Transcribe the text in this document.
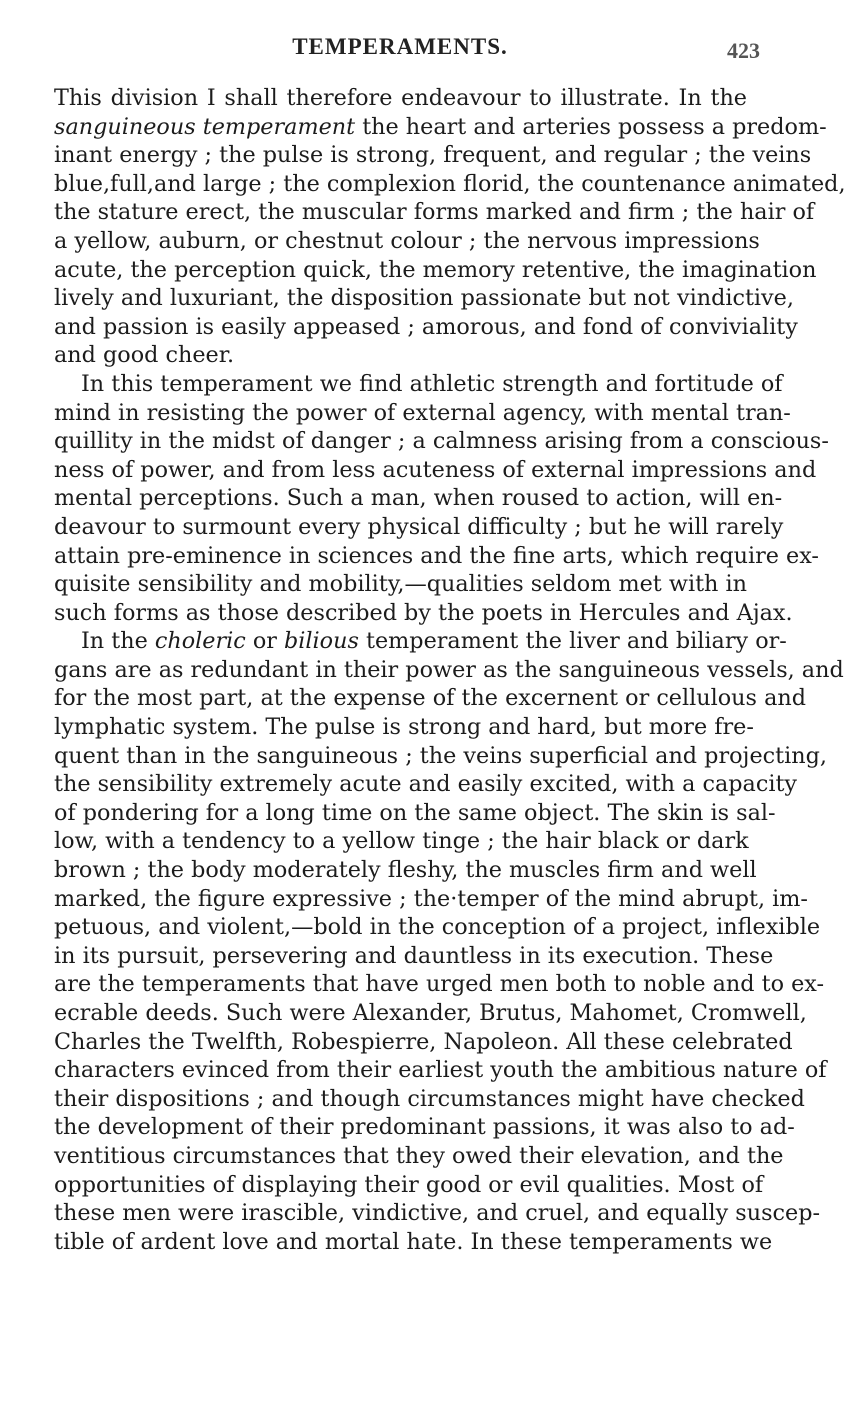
TEMPERAMENTS.	423
This division I shall therefore endeavour to illustrate. In the
sanguineous temperament the heart and arteries possess a predom-
inant energy ; the pulse is strong, frequent, and regular ; the veins
blue,full,and large ; the complexion florid, the countenance animated,
the stature erect, the muscular forms marked and firm ; the hair of
a yellow, auburn, or chestnut colour ; the nervous impressions
acute, the perception quick, the memory retentive, the imagination
lively and luxuriant, the disposition passionate but not vindictive,
and passion is easily appeased ; amorous, and fond of conviviality
and good cheer.
In this temperament we find athletic strength and fortitude of
mind in resisting the power of external agency, with mental tran-
quillity in the midst of danger ; a calmness arising from a conscious-
ness of power, and from less acuteness of external impressions and
mental perceptions. Such a man, when roused to action, will en-
deavour to surmount every physical difficulty ; but he will rarely
attain pre-eminence in sciences and the fine arts, which require ex-
quisite sensibility and mobility,—qualities seldom met with in
such forms as those described by the poets in Hercules and Ajax.
In the choleric or bilious temperament the liver and biliary or-
gans are as redundant in their power as the sanguineous vessels, and
for the most part, at the expense of the excernent or cellulous and
lymphatic system. The pulse is strong and hard, but more fre-
quent than in the sanguineous ; the veins superficial and projecting,
the sensibility extremely acute and easily excited, with a capacity
of pondering for a long time on the same object. The skin is sal-
low, with a tendency to a yellow tinge ; the hair black or dark
brown ; the body moderately fleshy, the muscles firm and well
marked, the figure expressive ; the·temper of the mind abrupt, im-
petuous, and violent,—bold in the conception of a project, inflexible
in its pursuit, persevering and dauntless in its execution. These
are the temperaments that have urged men both to noble and to ex-
ecrable deeds. Such were Alexander, Brutus, Mahomet, Cromwell,
Charles the Twelfth, Robespierre, Napoleon. All these celebrated
characters evinced from their earliest youth the ambitious nature of
their dispositions ; and though circumstances might have checked
the development of their predominant passions, it was also to ad-
ventitious circumstances that they owed their elevation, and the
opportunities of displaying their good or evil qualities. Most of
these men were irascible, vindictive, and cruel, and equally suscep-
tible of ardent love and mortal hate. In these temperaments we
